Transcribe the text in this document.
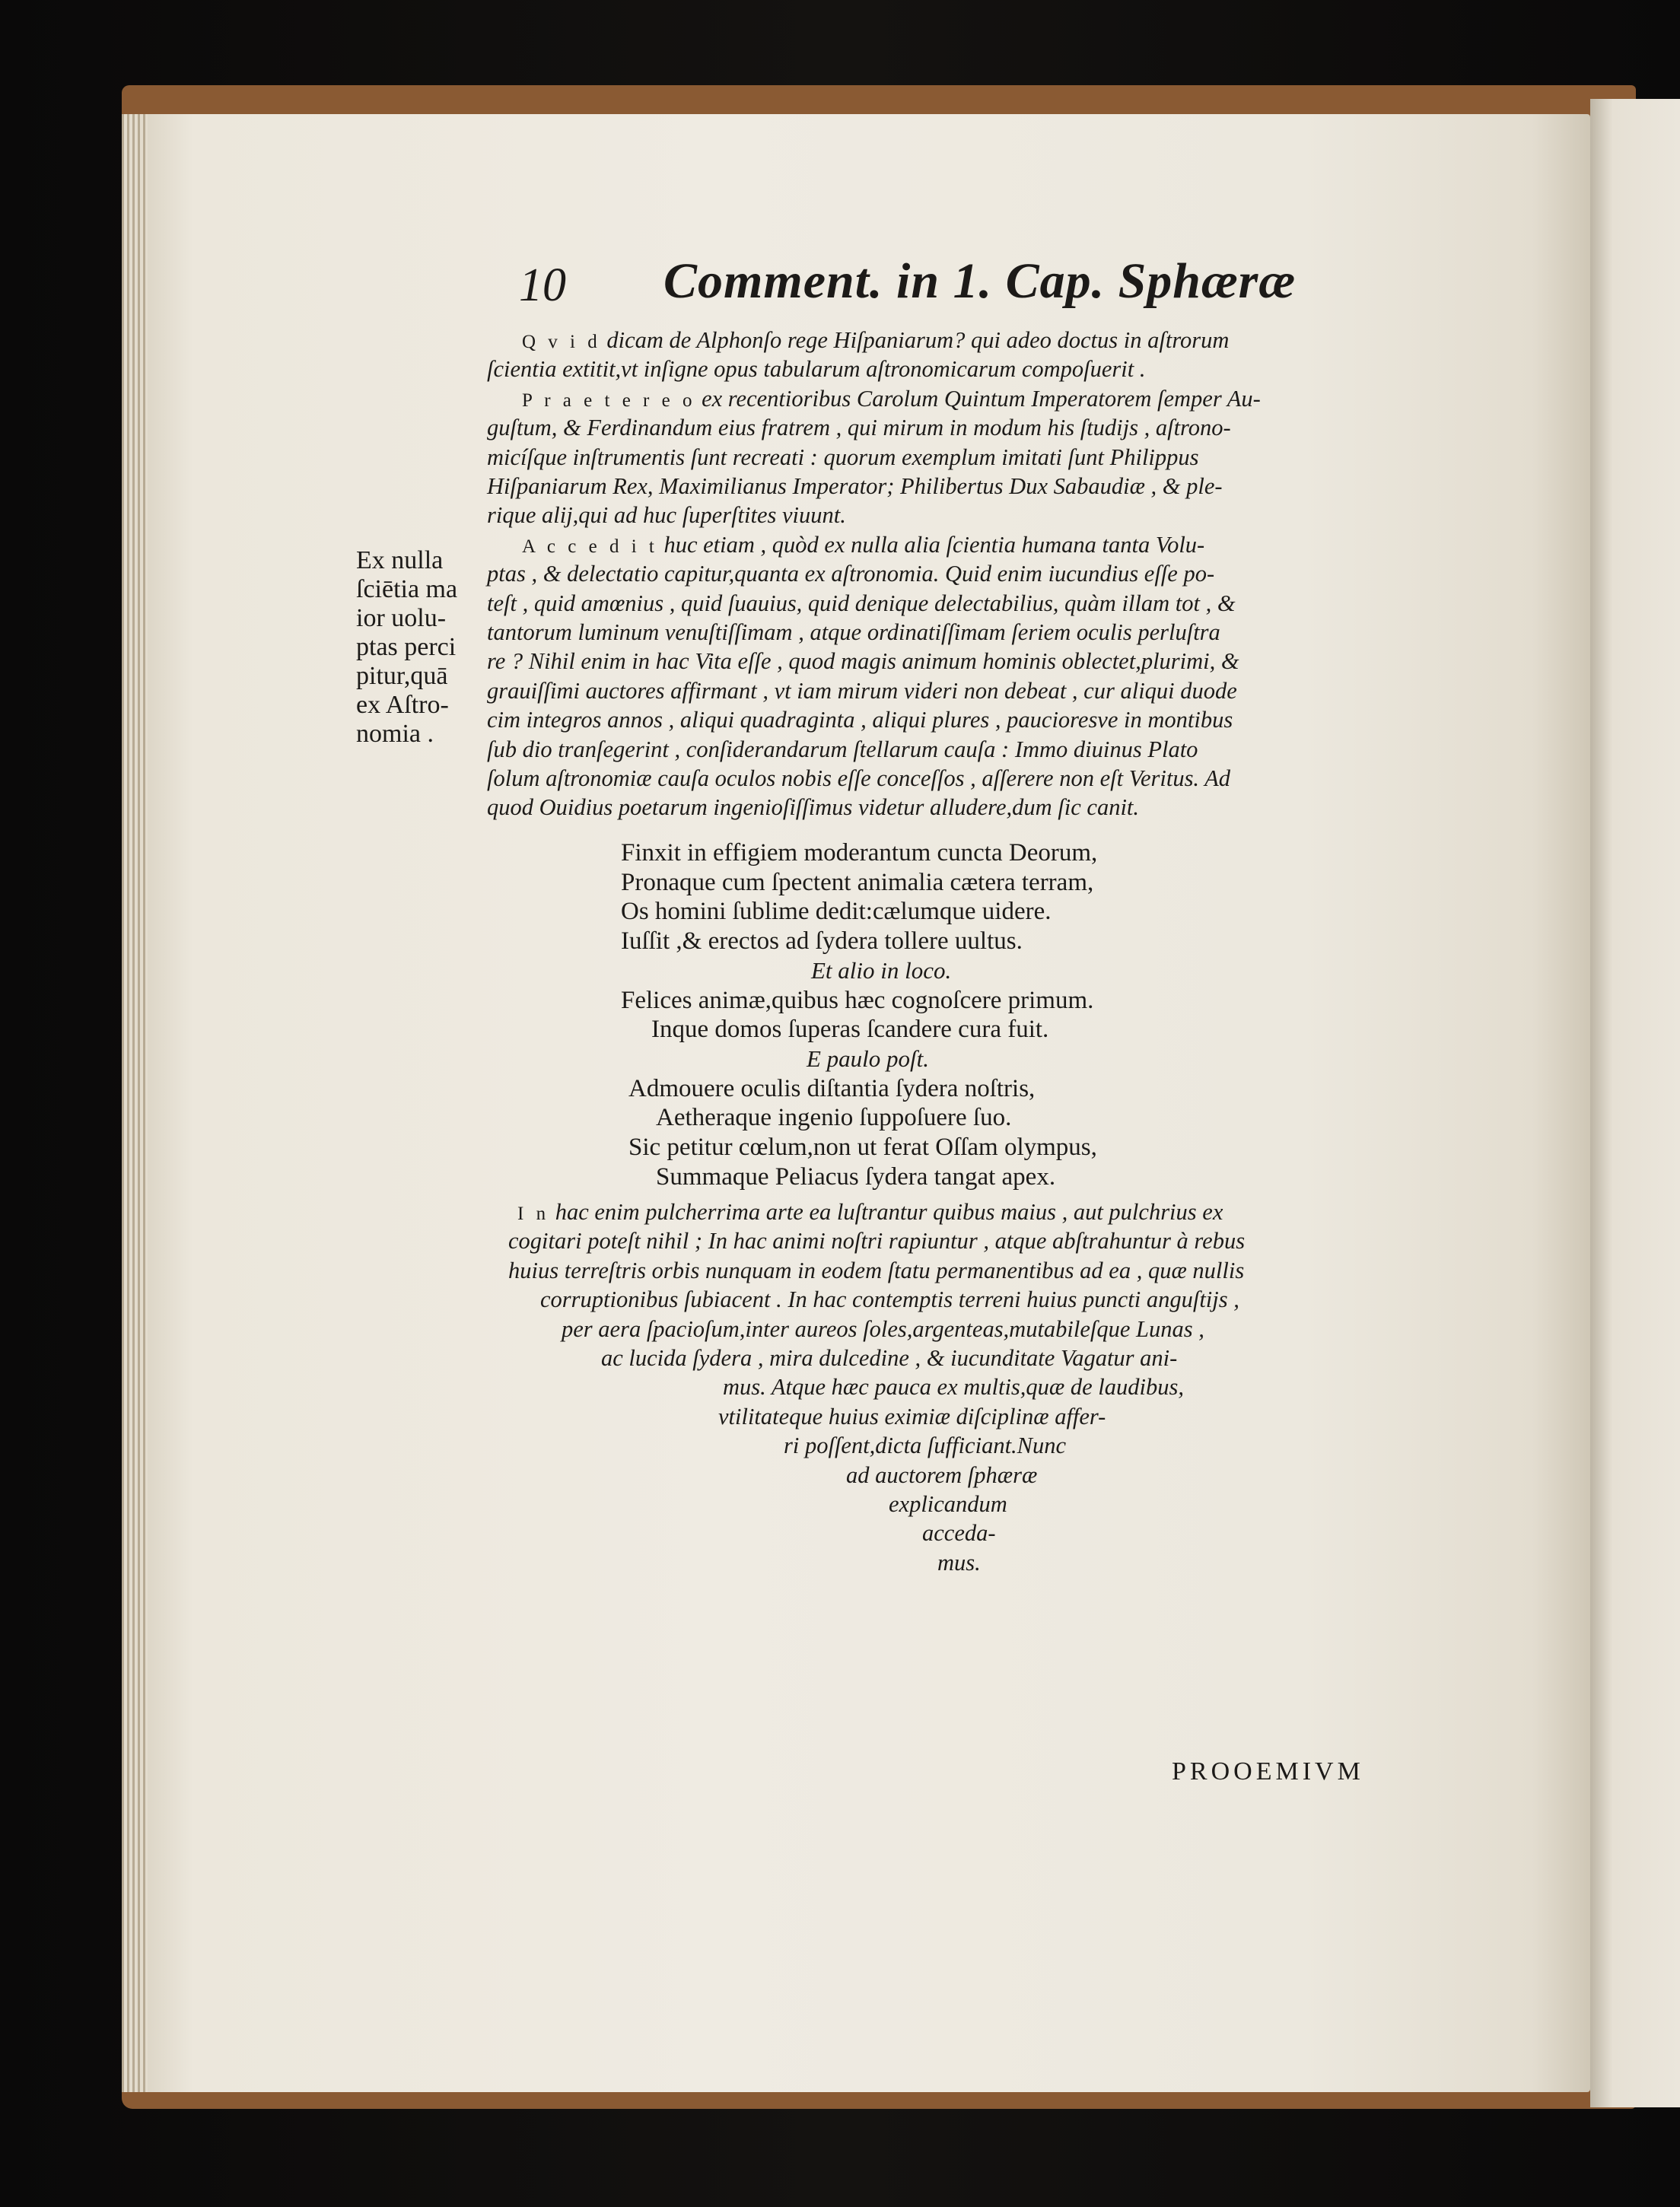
10 Comment. in 1. Cap. Sphæræ
Ex nulla
ſciētia ma
ior uolu-
ptas perci
pitur,quā
ex Aſtro-
nomia .
Q v i d dicam de Alphonſo rege Hiſpaniarum? qui adeo doctus in aſtrorum
ſcientia extitit,vt inſigne opus tabularum aſtronomicarum compoſuerit .
P r a e t e r e o ex recentioribus Carolum Quintum Imperatorem ſemper Au-
guſtum, & Ferdinandum eius fratrem , qui mirum in modum his ſtudijs , aſtrono-
micíſque inſtrumentis ſunt recreati : quorum exemplum imitati ſunt Philippus
Hiſpaniarum Rex, Maximilianus Imperator; Philibertus Dux Sabaudiæ , & ple-
rique alij,qui ad huc ſuperſtites viuunt.
A c c e d i t huc etiam , quòd ex nulla alia ſcientia humana tanta Volu-
ptas , & delectatio capitur,quanta ex aſtronomia. Quid enim iucundius eſſe po-
teſt , quid amœnius , quid ſuauius, quid denique delectabilius, quàm illam tot , &
tantorum luminum venuſtiſſimam , atque ordinatiſſimam ſeriem oculis perluſtra
re ? Nihil enim in hac Vita eſſe , quod magis animum hominis oblectet,plurimi, &
grauiſſimi auctores affirmant , vt iam mirum videri non debeat , cur aliqui duode
cim integros annos , aliqui quadraginta , aliqui plures , paucioresve in montibus
ſub dio tranſegerint , conſiderandarum ſtellarum cauſa : Immo diuinus Plato
ſolum aſtronomiæ cauſa oculos nobis eſſe conceſſos , aſſerere non eſt Veritus. Ad
quod Ouidius poetarum ingenioſiſſimus videtur alludere,dum ſic canit.
Finxit in effigiem moderantum cuncta Deorum,
Pronaque cum ſpectent animalia cætera terram,
Os homini ſublime dedit:cælumque uidere.
Iuſſit ,& erectos ad ſydera tollere uultus.
Et alio in loco.
Felices animæ,quibus hæc cognoſcere primum.
Inque domos ſuperas ſcandere cura fuit.
E paulo poſt.
Admouere oculis diſtantia ſydera noſtris,
Aetheraque ingenio ſuppoſuere ſuo.
Sic petitur cœlum,non ut ferat Oſſam olympus,
Summaque Peliacus ſydera tangat apex.
I n hac enim pulcherrima arte ea luſtrantur quibus maius , aut pulchrius ex
cogitari poteſt nihil ; In hac animi noſtri rapiuntur , atque abſtrahuntur à rebus
huius terreſtris orbis nunquam in eodem ſtatu permanentibus ad ea , quæ nullis
corruptionibus ſubiacent . In hac contemptis terreni huius puncti anguſtijs ,
per aera ſpacioſum,inter aureos ſoles,argenteas,mutabileſque Lunas ,
ac lucida ſydera , mira dulcedine , & iucunditate Vagatur ani-
mus. Atque hæc pauca ex multis,quæ de laudibus,
vtilitateque huius eximiæ diſciplinæ affer-
ri poſſent,dicta ſufficiant.Nunc
ad auctorem ſphæræ
explicandum
acceda-
mus.
PROOEMIVM
